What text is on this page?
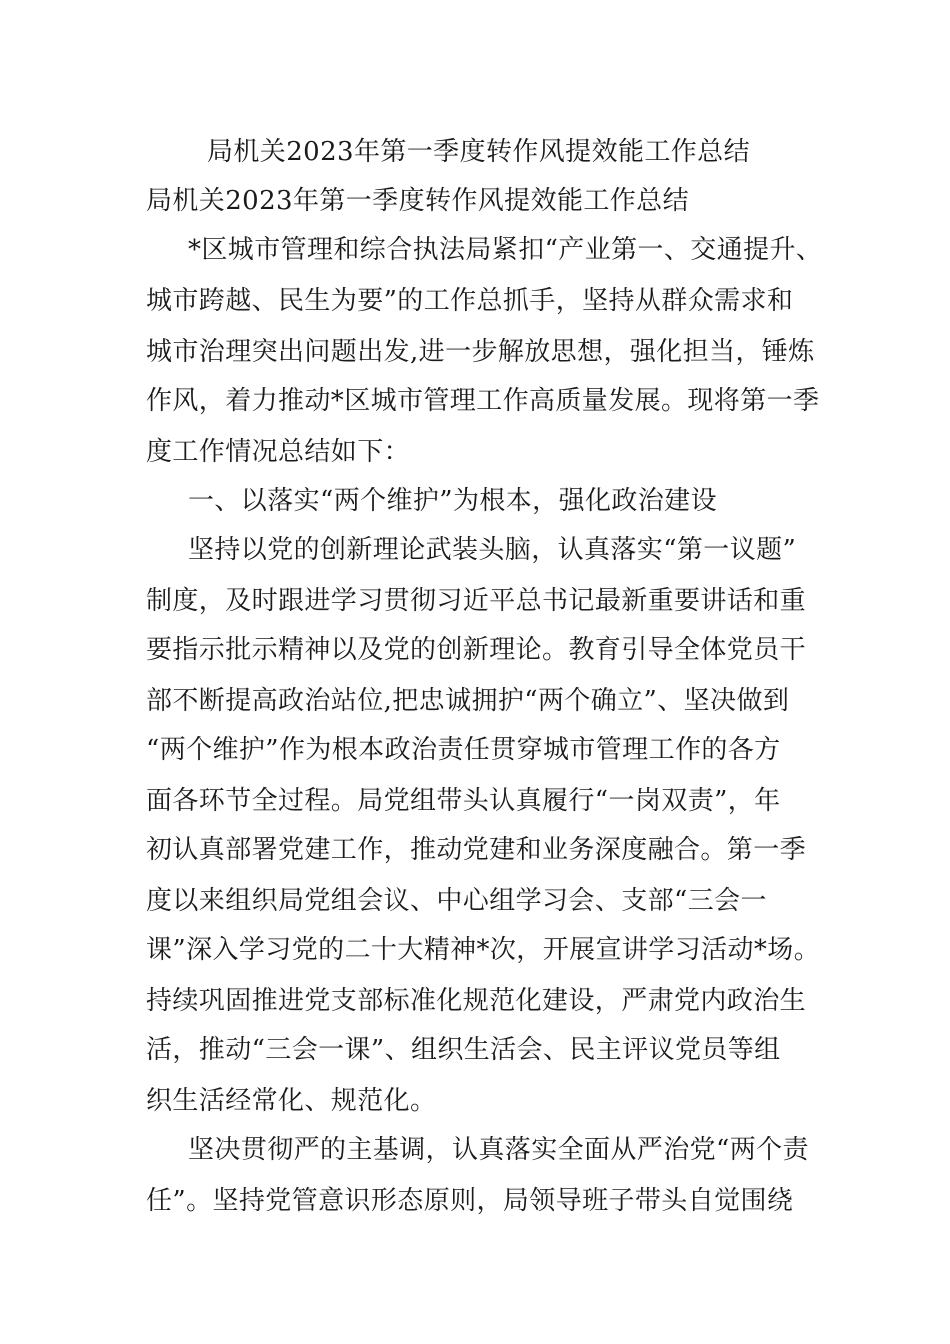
局机关2023年第一季度转作风提效能工作总结
局机关2023年第一季度转作风提效能工作总结
*区城市管理和综合执法局紧扣“产业第一、交通提升、
城市跨越、民生为要”的工作总抓手，坚持从群众需求和
城市治理突出问题出发,进一步解放思想，强化担当，锤炼
作风，着力推动*区城市管理工作高质量发展。现将第一季
度工作情况总结如下：
一、以落实“两个维护”为根本，强化政治建设
坚持以党的创新理论武装头脑，认真落实“第一议题”
制度，及时跟进学习贯彻习近平总书记最新重要讲话和重
要指示批示精神以及党的创新理论。教育引导全体党员干
部不断提高政治站位,把忠诚拥护“两个确立”、坚决做到
“两个维护”作为根本政治责任贯穿城市管理工作的各方
面各环节全过程。局党组带头认真履行“一岗双责”，年
初认真部署党建工作，推动党建和业务深度融合。第一季
度以来组织局党组会议、中心组学习会、支部“三会一
课”深入学习党的二十大精神*次，开展宣讲学习活动*场。
持续巩固推进党支部标准化规范化建设，严肃党内政治生
活，推动“三会一课”、组织生活会、民主评议党员等组
织生活经常化、规范化。
坚决贯彻严的主基调，认真落实全面从严治党“两个责
任”。坚持党管意识形态原则，局领导班子带头自觉围绕
